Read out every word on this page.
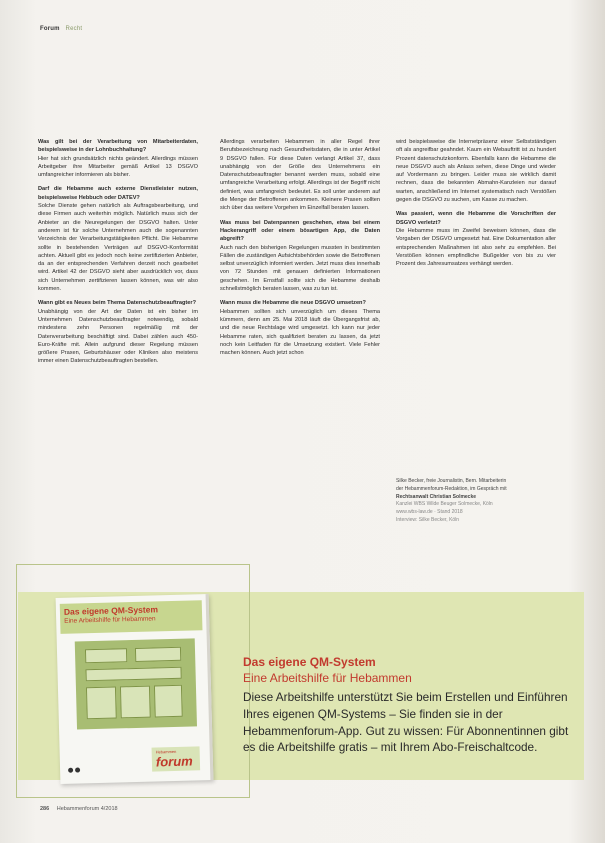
Forum Recht
Was gilt bei der Verarbeitung von Mitarbeiterdaten, beispielsweise in der Lohnbuchhaltung?
Hier hat sich grundsätzlich nichts geändert. Allerdings müssen Arbeitgeber ihre Mitarbeiter gemäß Artikel 13 DSGVO umfangreicher informieren als bisher.
Darf die Hebamme auch externe Dienstleister nutzen, beispielsweise Hebbuch oder DATEV?
Solche Dienste gehen natürlich als Auftragsbearbeitung, und diese Firmen auch weiterhin möglich. Natürlich muss sich der Anbieter an die Neuregelungen der DSGVO halten. Unter anderem ist für solche Unternehmen auch die sogenannten Verzeichnis der Verarbeitungstätigkeiten Pflicht. Die Hebamme sollte in bestehenden Verträgen auf DSGVO-Konformität achten. Aktuell gibt es jedoch noch keine zertifizierten Anbieter, da an der entsprechenden Verfahren derzeit noch gearbeitet wird. Artikel 42 der DSGVO sieht aber ausdrücklich vor, dass sich Unternehmen zertifizieren lassen können, was wir also kommen.
Wann gibt es Neues beim Thema Datenschutzbeauftragter?
Unabhängig von der Art der Daten ist ein bisher im Unternehmen Datenschutzbeauftragter notwendig, sobald mindestens zehn Personen regelmäßig mit der Datenverarbeitung beschäftigt sind. Dabei zählen auch 450-Euro-Kräfte mit. Allein aufgrund dieser Regelung müssen größere Praxen, Geburtshäuser oder Kliniken also meistens immer einen Datenschutzbeauftragten bestellen.
Allerdings verarbeiten Hebammen in aller Regel ihrer Berufsbezeichnung nach Gesundheitsdaten, die in unter Artikel 9 DSGVO fallen. Für diese Daten verlangt Artikel 37, dass unabhängig von der Größe des Unternehmens ein Datenschutzbeauftragter benannt werden muss, sobald eine umfangreiche Verarbeitung erfolgt. Allerdings ist der Begriff nicht definiert, was umfangreich bedeutet. Es soll unter anderem auf die Menge der Betroffenen ankommen. Kleinere Praxen sollten sich über das weitere Vorgehen im Einzelfall beraten lassen.
Was muss bei Datenpannen geschehen, etwa bei einem Hackerangriff oder einem bösartigen App, die Daten abgreift?
Auch nach den bisherigen Regelungen mussten in bestimmten Fällen die zuständigen Aufsichtsbehörden sowie die Betroffenen selbst unverzüglich informiert werden. Jetzt muss dies innerhalb von 72 Stunden mit genauen definierten Informationen geschehen. Im Ernstfall sollte sich die Hebamme deshalb schnellstmöglich beraten lassen, was zu tun ist.
Wann muss die Hebamme die neue DSGVO umsetzen?
Hebammen sollten sich unverzüglich um dieses Thema kümmern, denn am 25. Mai 2018 läuft die Übergangsfrist ab, und die neue Rechtslage wird umgesetzt. Ich kann nur jeder Hebamme raten, sich qualifiziert beraten zu lassen, da jetzt noch kein Leitfaden für die Umsetzung existiert. Viele Fehler machen können. Auch jetzt schon
wird beispielsweise die Internetpräsenz einer Selbstständigen oft als angreifbar geahndet. Kaum ein Webauftritt ist zu hundert Prozent datenschutzkonform. Ebenfalls kann die Hebamme die neue DSGVO auch als Anlass sehen, diese Dinge und wieder auf Vordermann zu bringen. Leider muss sie wirklich damit rechnen, dass die bekannten Abmahn-Kanzleien nur darauf warten, anschließend im Internet systematisch nach Verstößen gegen die DSGVO zu suchen, um Kasse zu machen.
Was passiert, wenn die Hebamme die Vorschriften der DSGVO verletzt?
Die Hebamme muss im Zweifel beweisen können, dass die Vorgaben der DSGVO umgesetzt hat. Eine Dokumentation aller entsprechenden Maßnahmen ist also sehr zu empfehlen. Bei Verstößen können empfindliche Bußgelder von bis zu vier Prozent des Jahresumsatzes verhängt werden.
Silke Becker, freie Journalistin, Bern. Mitarbeiterin
der Hebammenforum-Redaktion, im Gespräch mit
Rechtsanwalt Christian Solmecke
Kanzlei WBS Wilde Beuger Solmecke, Köln
www.wbs-law.de · Stand 2018
Interview: Silke Becker, Köln
Das eigene QM-System
Eine Arbeitshilfe für Hebammen
Hebammen
forum
Das eigene QM-System
Eine Arbeitshilfe für Hebammen
Diese Arbeitshilfe unterstützt Sie beim Erstellen und Einführen Ihres eigenen QM-Systems – Sie finden sie in der Hebammenforum-App. Gut zu wissen: Für Abonnentinnen gibt es die Arbeitshilfe gratis – mit Ihrem Abo-Freischaltcode.
286 Hebammenforum 4/2018
